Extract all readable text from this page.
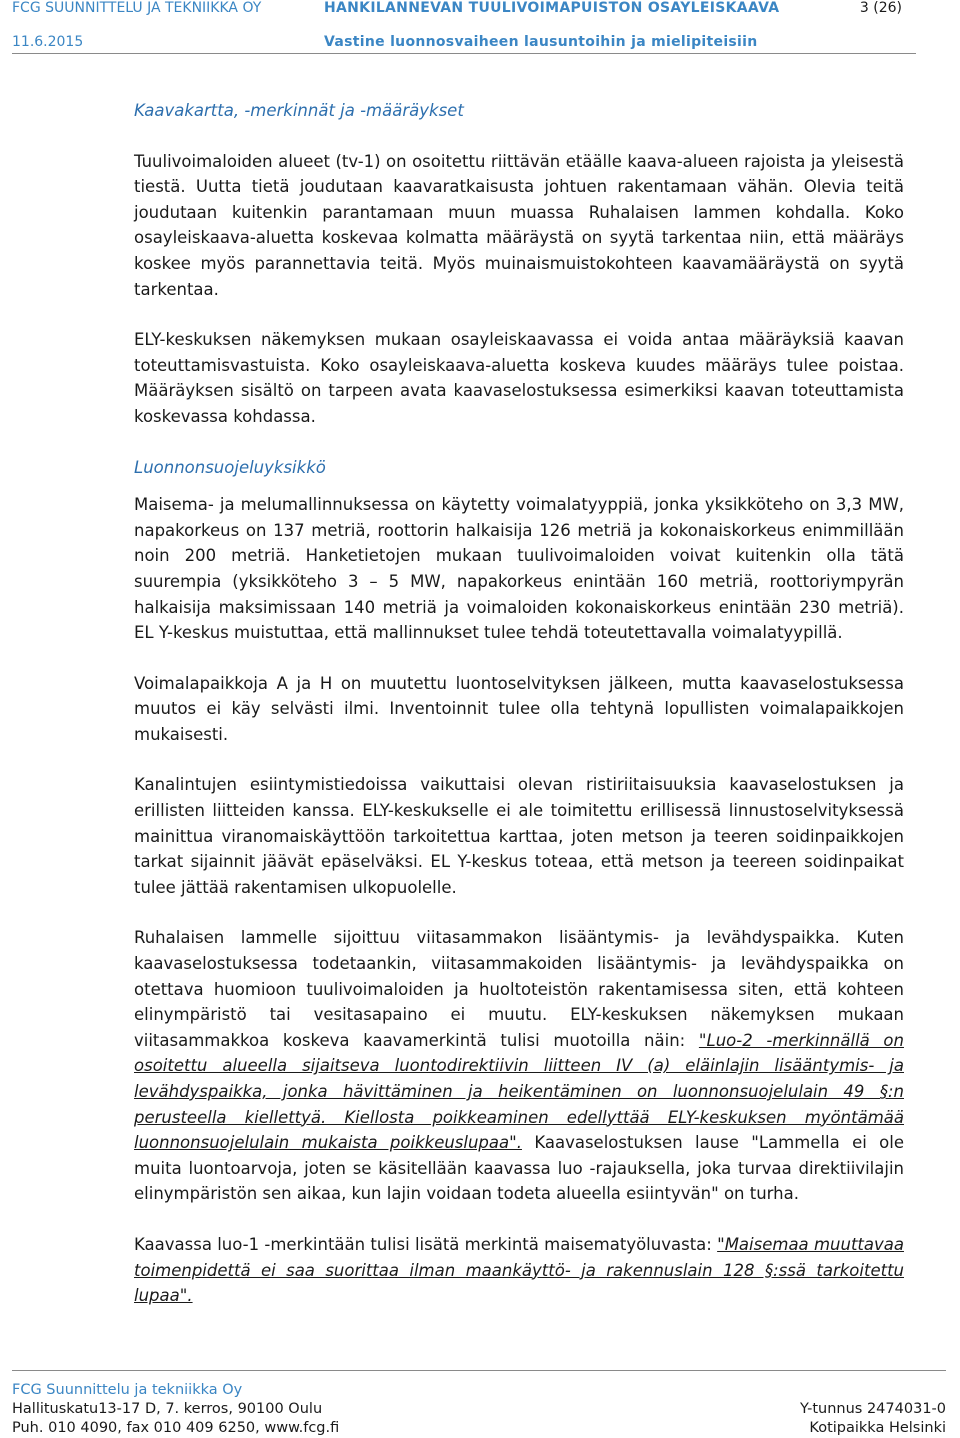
FCG SUUNNITTELU JA TEKNIIKKA OY	HANKILANNEVAN TUULIVOIMAPUISTON OSAYLEISKAAVA	3 (26)
11.6.2015	Vastine luonnosvaiheen lausuntoihin ja mielipiteisiin

Kaavakartta, -merkinnät ja -määräykset

Tuulivoimaloiden alueet (tv-1) on osoitettu riittävän etäälle kaava-alueen rajoista ja yleisestä tiestä. Uutta tietä joudutaan kaavaratkaisusta johtuen rakentamaan vähän. Olevia teitä joudutaan kuitenkin parantamaan muun muassa Ruhalaisen lammen kohdalla. Koko osayleiskaava-aluetta koskevaa kolmatta määräystä on syytä tarkentaa niin, että määräys koskee myös parannettavia teitä. Myös muinaismuistokohteen kaavamääräystä on syytä tarkentaa.

ELY-keskuksen näkemyksen mukaan osayleiskaavassa ei voida antaa määräyksiä kaavan toteuttamisvastuista. Koko osayleiskaava-aluetta koskeva kuudes määräys tulee poistaa. Määräyksen sisältö on tarpeen avata kaavaselostuksessa esimerkiksi kaavan toteuttamista koskevassa kohdassa.

Luonnonsuojeluyksikkö

Maisema- ja melumallinnuksessa on käytetty voimalatyyppiä, jonka yksikköteho on 3,3 MW, napakorkeus on 137 metriä, roottorin halkaisija 126 metriä ja kokonaiskorkeus enimmillään noin 200 metriä. Hanketietojen mukaan tuulivoimaloiden voivat kuitenkin olla tätä suurempia (yksikköteho 3 – 5 MW, napakorkeus enintään 160 metriä, roottoriympyrän halkaisija maksimissaan 140 metriä ja voimaloiden kokonaiskorkeus enintään 230 metriä). EL Y-keskus muistuttaa, että mallinnukset tulee tehdä toteutettavalla voimalatyypillä.

Voimalapaikkoja A ja H on muutettu luontoselvityksen jälkeen, mutta kaavaselostuksessa muutos ei käy selvästi ilmi. Inventoinnit tulee olla tehtynä lopullisten voimalapaikkojen mukaisesti.

Kanalintujen esiintymistiedoissa vaikuttaisi olevan ristiriitaisuuksia kaavaselostuksen ja erillisten liitteiden kanssa. ELY-keskukselle ei ale toimitettu erillisessä linnustoselvityksessä mainittua viranomaiskäyttöön tarkoitettua karttaa, joten metson ja teeren soidinpaikkojen tarkat sijainnit jäävät epäselväksi. EL Y-keskus toteaa, että metson ja teereen soidinpaikat tulee jättää rakentamisen ulkopuolelle.

Ruhalaisen lammelle sijoittuu viitasammakon lisääntymis- ja levähdyspaikka. Kuten kaavaselostuksessa todetaankin, viitasammakoiden lisääntymis- ja levähdyspaikka on otettava huomioon tuulivoimaloiden ja huoltoteistön rakentamisessa siten, että kohteen elinympäristö tai vesitasapaino ei muutu. ELY-keskuksen näkemyksen mukaan viitasammakkoa koskeva kaavamerkintä tulisi muotoilla näin: "Luo-2 -merkinnällä on osoitettu alueella sijaitseva luontodirektiivin liitteen IV (a) eläinlajin lisääntymis- ja levähdyspaikka, jonka hävittäminen ja heikentäminen on luonnonsuojelulain 49 §:n perusteella kiellettyä. Kiellosta poikkeaminen edellyttää ELY-keskuksen myöntämää luonnonsuojelulain mukaista poikkeuslupaa". Kaavaselostuksen lause "Lammella ei ole muita luontoarvoja, joten se käsitellään kaavassa luo -rajauksella, joka turvaa direktiivilajin elinympäristön sen aikaa, kun lajin voidaan todeta alueella esiintyvän" on turha.

Kaavassa luo-1 -merkintään tulisi lisätä merkintä maisematyöluvasta: "Maisemaa muuttavaa toimenpidettä ei saa suorittaa ilman maankäyttö- ja rakennuslain 128 §:ssä tarkoitettu lupaa".

FCG Suunnittelu ja tekniikka Oy
Hallituskatu13-17 D, 7. kerros, 90100 Oulu	Y-tunnus 2474031-0
Puh. 010 4090, fax 010 409 6250, www.fcg.fi	Kotipaikka Helsinki
